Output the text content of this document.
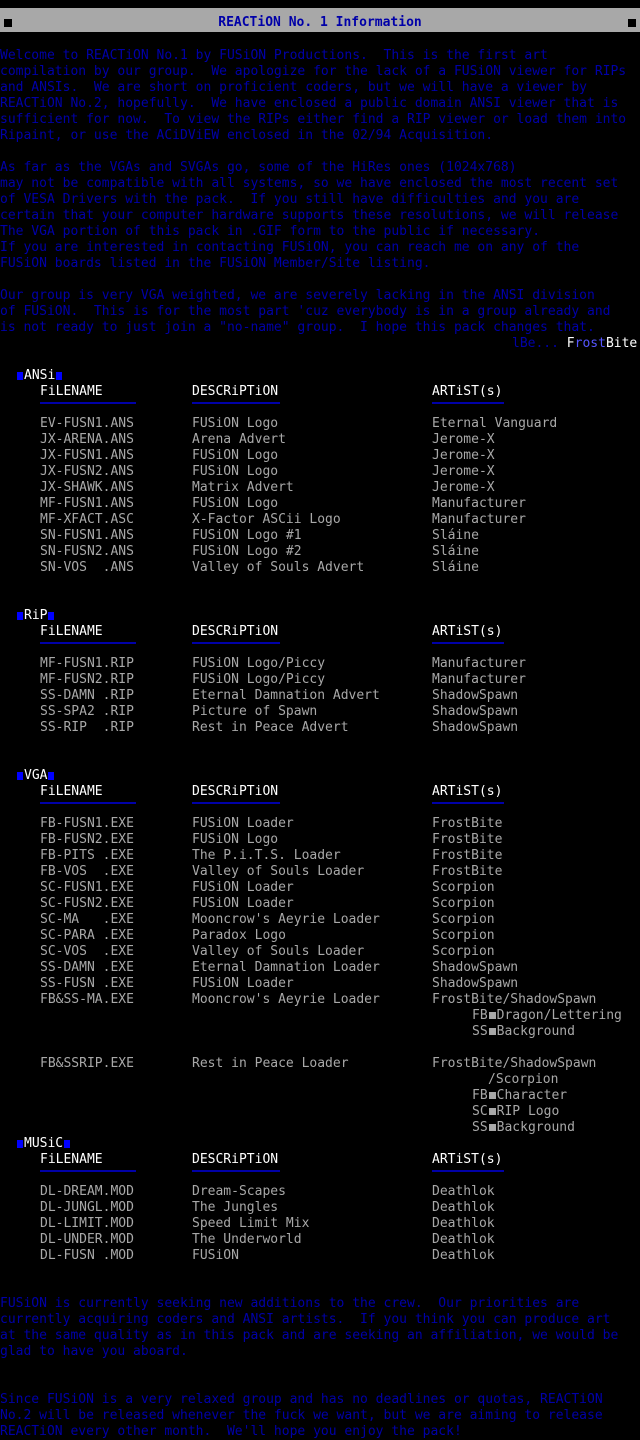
REACTiON No. 1 Information
Welcome to REACTiON No.1 by FUSiON Productions.  This is the first art
compilation by our group.  We apologize for the lack of a FUSiON viewer for RIPs
and ANSIs.  We are short on proficient coders, but we will have a viewer by
REACTiON No.2, hopefully.  We have enclosed a public domain ANSI viewer that is
sufficient for now.  To view the RIPs either find a RIP viewer or load them into
Ripaint, or use the ACiDViEW enclosed in the 02/94 Acquisition.
As far as the VGAs and SVGAs go, some of the HiRes ones (1024x768)
may not be compatible with all systems, so we have enclosed the most recent set
of VESA Drivers with the pack.  If you still have difficulties and you are
certain that your computer hardware supports these resolutions, we will release
The VGA portion of this pack in .GIF form to the public if necessary.
If you are interested in contacting FUSiON, you can reach me on any of the
FUSiON boards listed in the FUSiON Member/Site listing.
Our group is very VGA weighted, we are severely lacking in the ANSI division
of FUSiON.  This is for the most part 'cuz everybody is in a group already and
is not ready to just join a "no-name" group.  I hope this pack changes that.
lBe... FrostBite
ANSi
FiLENAME	DESCRiPTiON	ARTiST(s)
EV-FUSN1.ANS	FUSiON Logo	Eternal Vanguard
JX-ARENA.ANS	Arena Advert	Jerome-X
JX-FUSN1.ANS	FUSiON Logo	Jerome-X
JX-FUSN2.ANS	FUSiON Logo	Jerome-X
JX-SHAWK.ANS	Matrix Advert	Jerome-X
MF-FUSN1.ANS	FUSiON Logo	Manufacturer
MF-XFACT.ASC	X-Factor ASCii Logo	Manufacturer
SN-FUSN1.ANS	FUSiON Logo #1	Sláine
SN-FUSN2.ANS	FUSiON Logo #2	Sláine
SN-VOS  .ANS	Valley of Souls Advert	Sláine
RiP
FiLENAME	DESCRiPTiON	ARTiST(s)
MF-FUSN1.RIP	FUSiON Logo/Piccy	Manufacturer
MF-FUSN2.RIP	FUSiON Logo/Piccy	Manufacturer
SS-DAMN .RIP	Eternal Damnation Advert	ShadowSpawn
SS-SPA2 .RIP	Picture of Spawn	ShadowSpawn
SS-RIP  .RIP	Rest in Peace Advert	ShadowSpawn
VGA
FiLENAME	DESCRiPTiON	ARTiST(s)
FB-FUSN1.EXE	FUSiON Loader	FrostBite
FB-FUSN2.EXE	FUSiON Logo	FrostBite
FB-PITS .EXE	The P.i.T.S. Loader	FrostBite
FB-VOS  .EXE	Valley of Souls Loader	FrostBite
SC-FUSN1.EXE	FUSiON Loader	Scorpion
SC-FUSN2.EXE	FUSiON Loader	Scorpion
SC-MA   .EXE	Mooncrow's Aeyrie Loader	Scorpion
SC-PARA .EXE	Paradox Logo	Scorpion
SC-VOS  .EXE	Valley of Souls Loader	Scorpion
SS-DAMN .EXE	Eternal Damnation Loader	ShadowSpawn
SS-FUSN .EXE	FUSiON Loader	ShadowSpawn
FB&SS-MA.EXE	Mooncrow's Aeyrie Loader	FrostBite/ShadowSpawn
FB Dragon/Lettering
SS Background
FB&SSRIP.EXE	Rest in Peace Loader	FrostBite/ShadowSpawn
/Scorpion
FB Character
SC RIP Logo
SS Background
MUSiC
FiLENAME	DESCRiPTiON	ARTiST(s)
DL-DREAM.MOD	Dream-Scapes	Deathlok
DL-JUNGL.MOD	The Jungles	Deathlok
DL-LIMIT.MOD	Speed Limit Mix	Deathlok
DL-UNDER.MOD	The Underworld	Deathlok
DL-FUSN .MOD	FUSiON	Deathlok
FUSiON is currently seeking new additions to the crew.  Our priorities are
currently acquiring coders and ANSI artists.  If you think you can produce art
at the same quality as in this pack and are seeking an affiliation, we would be
glad to have you aboard.
Since FUSiON is a very relaxed group and has no deadlines or quotas, REACTiON
No.2 will be released whenever the fuck we want, but we are aiming to release
REACTiON every other month.  We'll hope you enjoy the pack!
